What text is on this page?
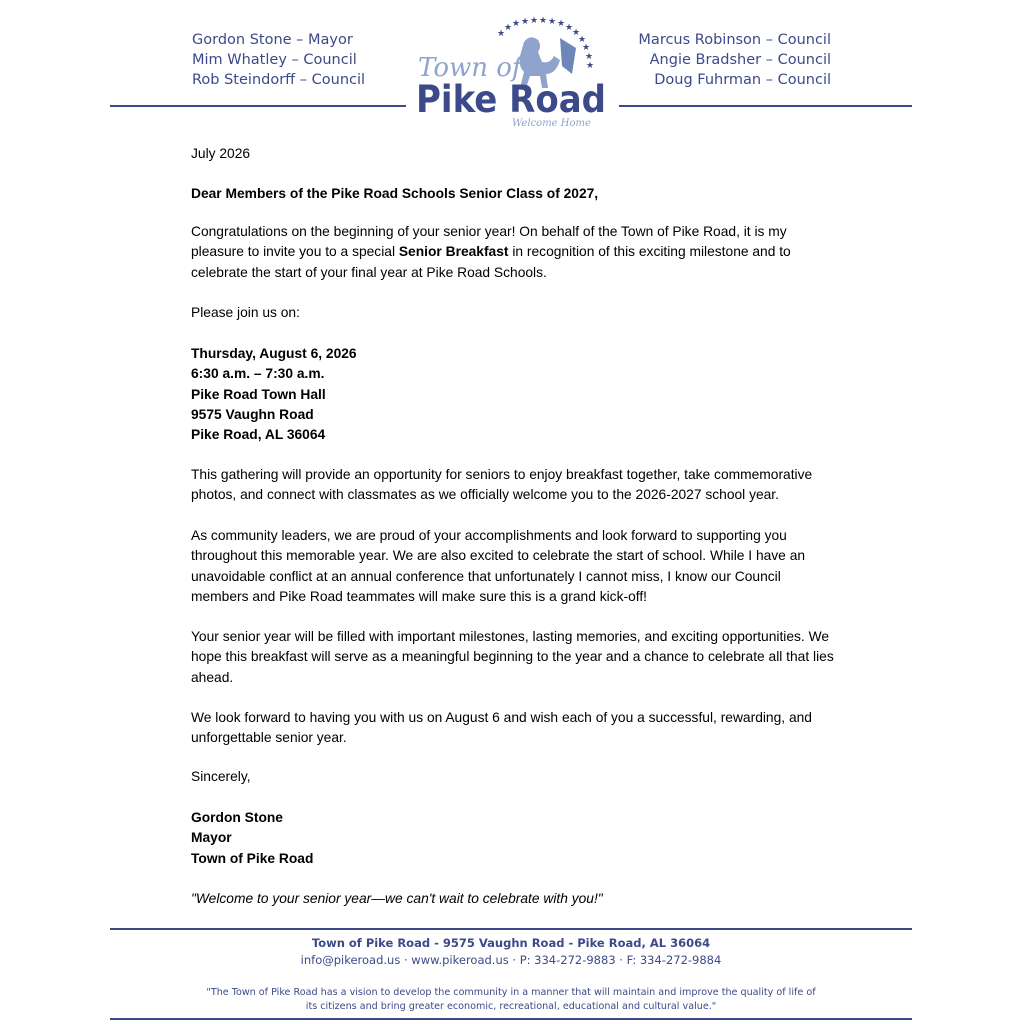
Gordon Stone – Mayor
Mim Whatley – Council
Rob Steindorff – Council
Marcus Robinson – Council
Angie Bradsher – Council
Doug Fuhrman – Council
★ ★ ★ ★ ★ ★ ★
★
★
★
★
★
★
★
Town of
Pike Road
Welcome Home
July 2026
Dear Members of the Pike Road Schools Senior Class of 2027,

Congratulations on the beginning of your senior year! On behalf of the Town of Pike Road, it is my

pleasure to invite you to a special Senior Breakfast in recognition of this exciting milestone and to

celebrate the start of your final year at Pike Road Schools.

Please join us on:

Thursday, August 6, 2026

6:30 a.m. – 7:30 a.m.

Pike Road Town Hall

9575 Vaughn Road

Pike Road, AL 36064

This gathering will provide an opportunity for seniors to enjoy breakfast together, take commemorative

photos, and connect with classmates as we officially welcome you to the 2026-2027 school year.

As community leaders, we are proud of your accomplishments and look forward to supporting you

throughout this memorable year. We are also excited to celebrate the start of school. While I have an

unavoidable conflict at an annual conference that unfortunately I cannot miss, I know our Council

members and Pike Road teammates will make sure this is a grand kick-off!

Your senior year will be filled with important milestones, lasting memories, and exciting opportunities. We

hope this breakfast will serve as a meaningful beginning to the year and a chance to celebrate all that lies

ahead.

We look forward to having you with us on August 6 and wish each of you a successful, rewarding, and

unforgettable senior year.

Sincerely,

Gordon Stone

Mayor

Town of Pike Road

"Welcome to your senior year—we can't wait to celebrate with you!"
Town of Pike Road - 9575 Vaughn Road - Pike Road, AL 36064
info@pikeroad.us · www.pikeroad.us · P: 334-272-9883 · F: 334-272-9884
"The Town of Pike Road has a vision to develop the community in a manner that will maintain and improve the quality of life of
its citizens and bring greater economic, recreational, educational and cultural value."
